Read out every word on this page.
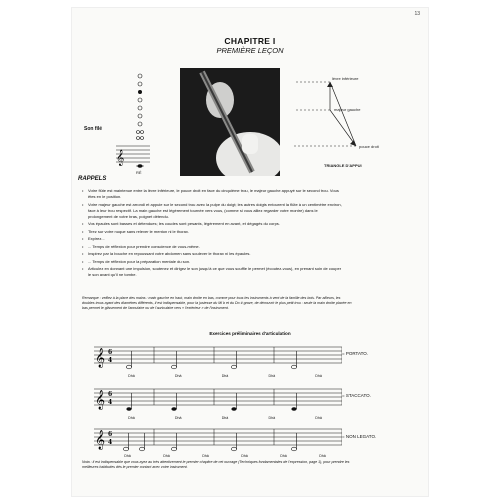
13
CHAPITRE I
PREMIÈRE LEÇON
𝄞
RÉ
Son filé
lèvre inférieure
majeur gauche
pouce droit
TRIANGLE D'APPUI
RAPPELS

• Votre flûte est maintenue entre la lèvre inférieure, le pouce droit en face du cinquième trou, le majeur gauche appuyé sur le second trou. Vous êtes en le position.

• Votre majeur gauche est arrondi et appuie sur le second trou avec la pulpe du doigt; les autres doigts entourent la flûte à un centimètre environ, face à leur trou respectif. La main gauche est légèrement tournée vers vous, (comme si vous alliez regarder votre montre) dans le prolongement de votre bras, poignet détendu.

• Vos épaules sont basses et détendues; les coudes sont pesants, légèrement en avant, et dégagés du corps.

• Tirez sur votre nuque sans relever le menton ni le thorax.

• Expirez...

• ... Temps de réflexion pour prendre conscience de vous-même.

• Inspirez par la bouche en repoussant votre abdomen sans soulever le thorax ni les épaules.

• ... Temps de réflexion pour la préparation mentale du son.

• Articulez en donnant une impulsion, soutenez et dirigez le son jusqu'à ce que vous souffle le permet (écoutez-vous), en prenant soin de couper le son avant qu'il ne tombe.

Remarque : veillez à la place des mains : main gauche en haut, main droite en bas, comme pour tous les instruments à vent de la famille des bois. Par ailleurs, les doubles trous ayant des diamètres différents, il est indispensable, pour la justesse du Mi b et du Do # grave, de découvrir le plus petit trou : seule la main droite placée en bas permet le glissement de l'annulaire ou de l'auriculaire vers « l'extérieur » de l'instrument.
Exercices préliminaires d'articulation
𝄞 6
4
= PORTATO.
Dhâ	Dhâ	Dhâ	Dhâ	Dhâ
𝄞 6
4
= STACCATO.
Dhâ	Dhâ	Dhâ	Dhâ	Dhâ
𝄞 6
4
= NON LEGATO.
Dhâ	Dhâ	Dhâ	Dhâ	Dhâ	Dhâ
Nota : il est indispensable que vous ayez au très attentivement le premier chapitre de cet ouvrage (Techniques fondamentales de l'expression, page 1), pour prendre les meilleures habitudes dès le premier contact avec votre instrument.
